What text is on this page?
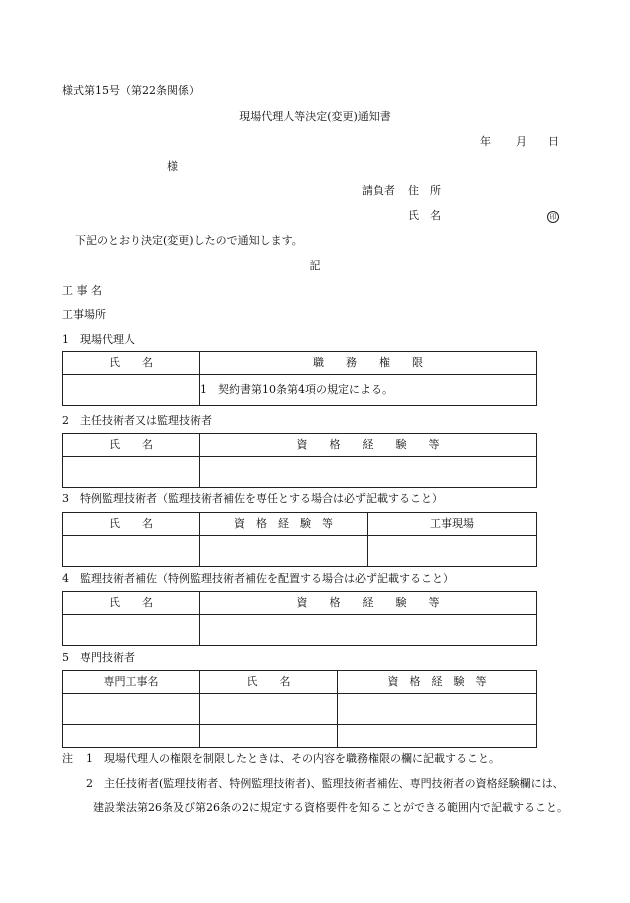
様式第15号（第22条関係）
現場代理人等決定(変更)通知書
年 月 日
様
請負者 住　所
氏　名	印
下記のとおり決定(変更)したので通知します。
記
工 事 名
工事場所
1　現場代理人
氏　　名	職　　務　　権　　限
	1　契約書第10条第4項の規定による。
2　主任技術者又は監理技術者
氏　　名	資　　格　　経　　験　　等

3　特例監理技術者（監理技術者補佐を専任とする場合は必ず記載すること）
氏　　名	資　格　経　験　等	工事現場

4　監理技術者補佐（特例監理技術者補佐を配置する場合は必ず記載すること）
氏　　名	資　　格　　経　　験　　等

5　専門技術者
専門工事名	氏　　名	資　格　経　験　等

注 1　現場代理人の権限を制限したときは、その内容を職務権限の欄に記載すること。
2　主任技術者(監理技術者、特例監理技術者)、監理技術者補佐、専門技術者の資格経験欄には、
建設業法第26条及び第26条の2に規定する資格要件を知ることができる範囲内で記載すること。
